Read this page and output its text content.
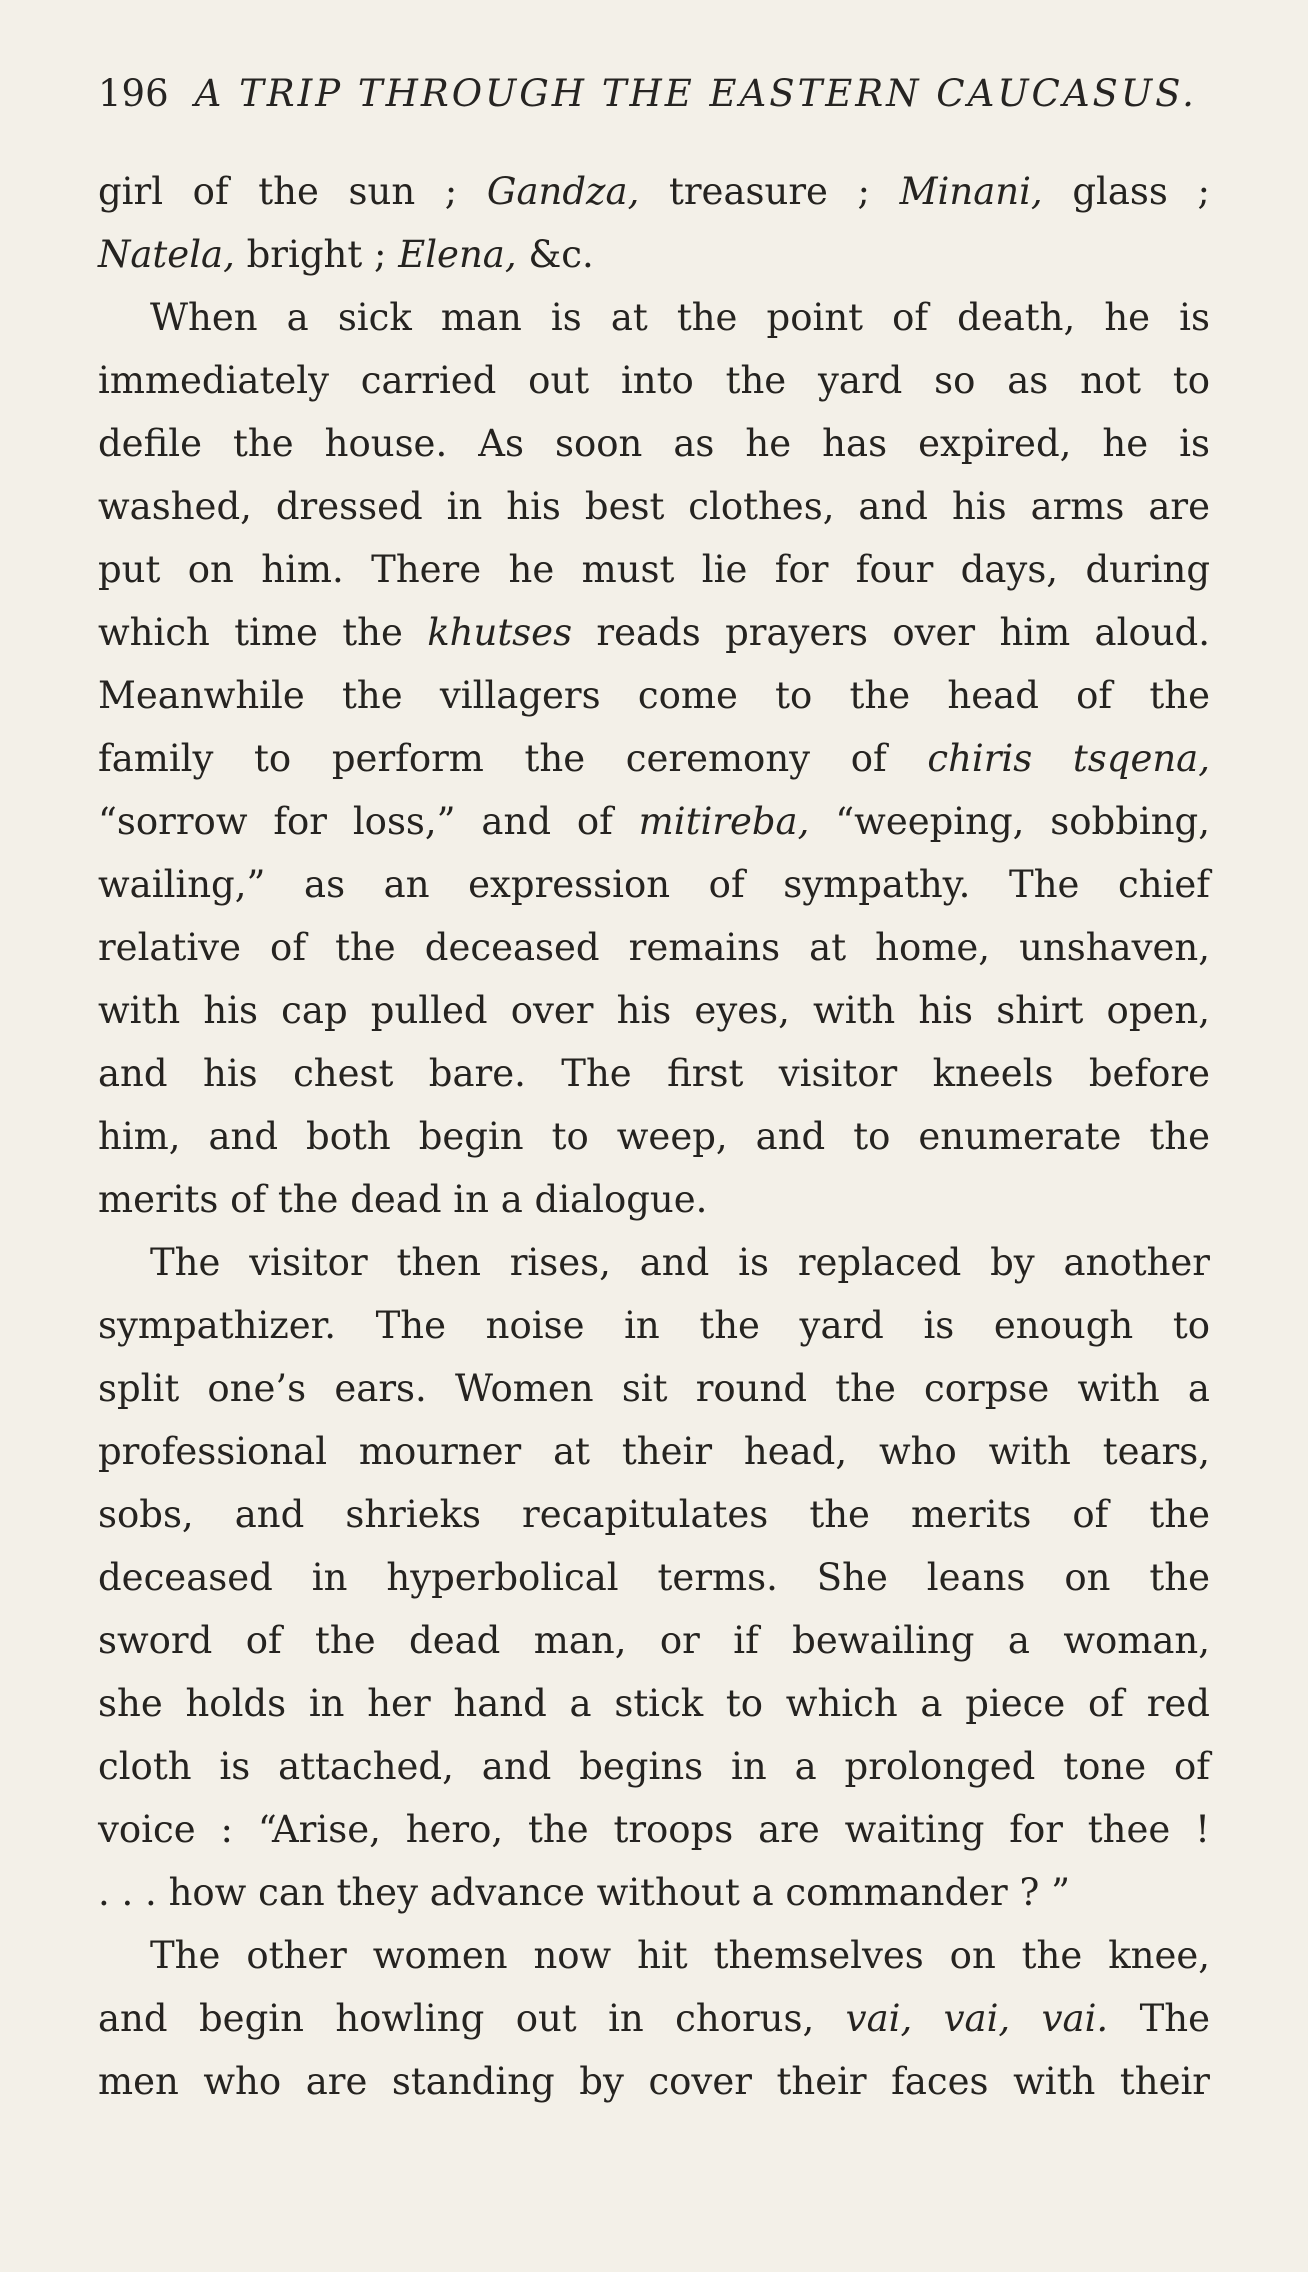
196 A TRIP THROUGH THE EASTERN CAUCASUS.
girl of the sun ; Gandza, treasure ; Minani, glass ;
Natela, bright ; Elena, &c.
When a sick man is at the point of death, he is
immediately carried out into the yard so as not to
defile the house. As soon as he has expired, he is
washed, dressed in his best clothes, and his arms are
put on him. There he must lie for four days, during
which time the khutses reads prayers over him aloud.
Meanwhile the villagers come to the head of the
family to perform the ceremony of chiris tsqena,
“sorrow for loss,” and of mitireba, “weeping, sobbing,
wailing,” as an expression of sympathy. The chief
relative of the deceased remains at home, unshaven,
with his cap pulled over his eyes, with his shirt open,
and his chest bare. The first visitor kneels before
him, and both begin to weep, and to enumerate the
merits of the dead in a dialogue.
The visitor then rises, and is replaced by another
sympathizer. The noise in the yard is enough to
split one’s ears. Women sit round the corpse with a
professional mourner at their head, who with tears,
sobs, and shrieks recapitulates the merits of the
deceased in hyperbolical terms. She leans on the
sword of the dead man, or if bewailing a woman,
she holds in her hand a stick to which a piece of red
cloth is attached, and begins in a prolonged tone of
voice : “Arise, hero, the troops are waiting for thee !
. . . how can they advance without a commander ? ”
The other women now hit themselves on the knee,
and begin howling out in chorus, vai, vai, vai. The
men who are standing by cover their faces with their
